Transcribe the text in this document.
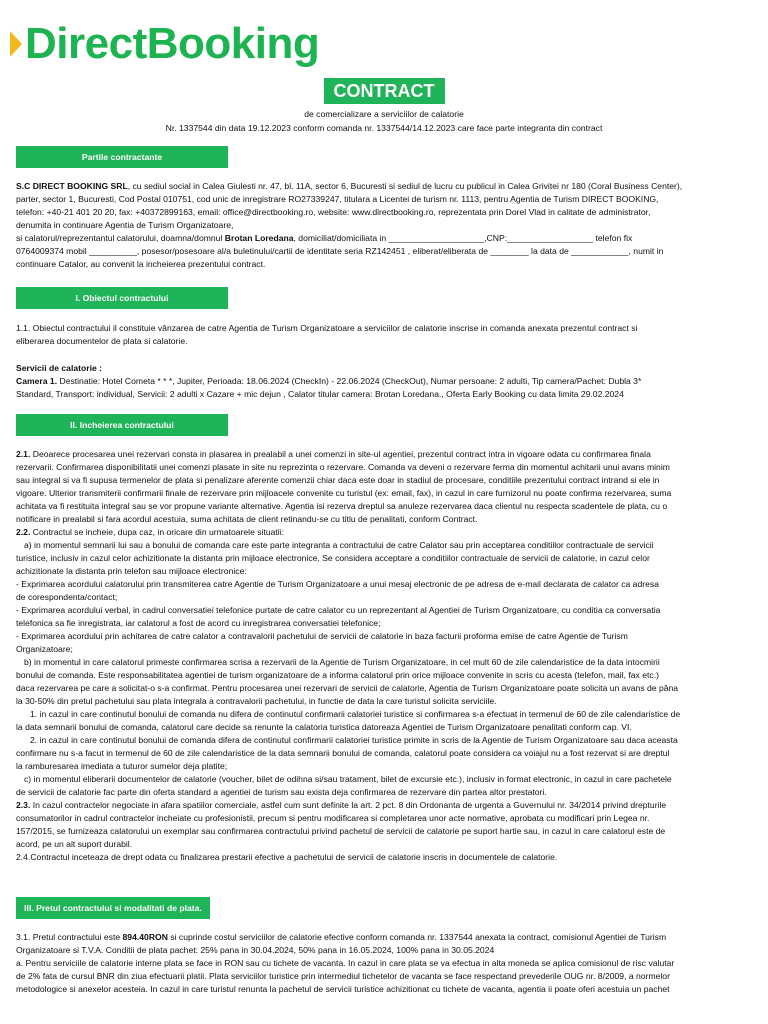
DirectBooking
CONTRACT
de comercializare a serviciilor de calatorie
Nr. 1337544 din data 19.12.2023 conform comanda nr. 1337544/14.12.2023 care face parte integranta din contract
Partile contractante

S.C DIRECT BOOKING SRL, cu sediul social in Calea Giulesti nr. 47, bl. 11A, sector 6, Bucuresti si sediul de lucru cu publicul in Calea Grivitei nr 180 (Coral Business Center),

parter, sector 1, Bucuresti, Cod Postal 010751, cod unic de inregistrare RO27339247, titulara a Licentei de turism nr. 1113, pentru Agentia de Turism DIRECT BOOKING,

telefon: +40-21 401 20 20, fax: +40372899163, email: office@directbooking.ro, website: www.directbooking.ro, reprezentata prin Dorel Vlad in calitate de administrator,

denumita in continuare Agentia de Turism Organizatoare,

si calatorul/reprezentantul calatorului, doamna/domnul Brotan Loredana, domiciliat/domiciliata in ____________________,CNP:__________________ telefon fix

0764009374 mobil __________, posesor/posesoare al/a buletinului/cartii de identitate seria RZ142451 , eliberat/eliberata de ________ la data de ____________, numit in

continuare Catalor, au convenit la incheierea prezentului contract.

I. Obiectul contractului

1.1. Obiectul contractului il constituie vânzarea de catre Agentia de Turism Organizatoare a serviciilor de calatorie inscrise in comanda anexata prezentul contract si

eliberarea documentelor de plata si calatorie.

Servicii de calatorie :

Camera 1. Destinatie: Hotel Cometa * * *, Jupiter, Perioada: 18.06.2024 (CheckIn) - 22.06.2024 (CheckOut), Numar persoane: 2 adulti, Tip camera/Pachet: Dubla 3*

Standard, Transport: individual, Servicii: 2 adulti x Cazare + mic dejun , Calator titular camera: Brotan Loredana., Oferta Early Booking cu data limita 29.02.2024

II. Incheierea contractului

2.1. Deoarece procesarea unei rezervari consta in plasarea in prealabil a unei comenzi in site-ul agentiei, prezentul contract intra in vigoare odata cu confirmarea finala

rezervarii. Confirmarea disponibilitatii unei comenzi plasate in site nu reprezinta o rezervare. Comanda va deveni o rezervare ferma din momentul achitarii unui avans minim

sau integral si va fi supusa termenelor de plata si penalizare aferente comenzii chiar daca este doar in stadiul de procesare, conditiile prezentului contract intrand si ele in

vigoare. Ulterior transmiterii confirmarii finale de rezervare prin mijloacele convenite cu turistul (ex: email, fax), in cazul in care furnizorul nu poate confirma rezervarea, suma

achitata va fi restituita integral sau se vor propune variante alternative. Agentia isi rezerva dreptul sa anuleze rezervarea daca clientul nu respecta scadentele de plata, cu o

notificare in prealabil si fara acordul acestuia, suma achitata de client retinandu-se cu titlu de penalitati, conform Contract.

2.2. Contractul se incheie, dupa caz, in oricare din urmatoarele situatii:

a) in momentul semnarii lui sau a bonului de comanda care este parte integranta a contractului de catre Calator sau prin acceptarea conditiilor contractuale de servicii

turistice, inclusiv in cazul celor achizitionate la distanta prin mijloace electronice. Se considera acceptare a conditiilor contractuale de servicii de calatorie, in cazul celor

achizitionate la distanta prin telefon sau mijloace electronice:

- Exprimarea acordului calatorului prin transmiterea catre Agentie de Turism Organizatoare a unui mesaj electronic de pe adresa de e-mail declarata de calator ca adresa

de corespondenta/contact;

- Exprimarea acordului verbal, in cadrul conversatiei telefonice purtate de catre calator cu un reprezentant al Agentiei de Turism Organizatoare, cu conditia ca conversatia

telefonica sa fie inregistrata, iar calatorul a fost de acord cu inregistrarea conversatiei telefonice;

- Exprimarea acordului prin achitarea de catre calator a contravalorii pachetului de servicii de calatorie in baza facturii proforma emise de catre Agentie de Turism

Organizatoare;

b) in momentul in care calatorul primeste confirmarea scrisa a rezervarii de la Agentie de Turism Organizatoare, in cel mult 60 de zile calendaristice de la data intocmirii

bonului de comanda. Este responsabilitatea agentiei de turism organizatoare de a informa calatorul prin orice mijloace convenite in scris cu acesta (telefon, mail, fax etc.)

daca rezervarea pe care a solicitat-o s-a confirmat. Pentru procesarea unei rezervari de servicii de calatorie, Agentia de Turism Organizatoare poate solicita un avans de pâna

la 30-50% din pretul pachetului sau plata integrala a contravalorii pachetului, in functie de data la care turistul solicita serviciile.

1. in cazul in care continutul bonului de comanda nu difera de continutul confirmarii calatoriei turistice si confirmarea s-a efectuat in termenul de 60 de zile calendaristice de

la data semnarii bonului de comanda, calatorul care decide sa renunte la calatoria turistica datoreaza Agentiei de Turism Organizatoare penalitati conform cap. VI.

2. in cazul in care continutul bonului de comanda difera de continutul confirmarii calatoriei turistice primite in scris de la Agentie de Turism Organizatoare sau daca aceasta

confirmare nu s-a facut in termenul de 60 de zile calendaristice de la data semnarii bonului de comanda, calatorul poate considera ca voiajul nu a fost rezervat si are dreptul

la ramburesarea imediata a tuturor sumelor deja platite;

c) in momentul eliberarii documentelor de calatorie (voucher, bilet de odihna si/sau tratament, bilet de excursie etc.), inclusiv in format electronic, in cazul in care pachetele

de servicii de calatorie fac parte din oferta standard a agentiei de turism sau exista deja confirmarea de rezervare din partea altor prestatori.

2.3. In cazul contractelor negociate in afara spatiilor comerciale, astfel cum sunt definite la art. 2 pct. 8 din Ordonanta de urgenta a Guvernului nr. 34/2014 privind drepturile

consumatorilor in cadrul contractelor incheiate cu profesionistii, precum si pentru modificarea si completarea unor acte normative, aprobata cu modificari prin Legea nr.

157/2015, se furnizeaza calatorului un exemplar sau confirmarea contractului privind pachetul de servicii de calatorie pe suport hartie sau, in cazul in care calatorul este de

acord, pe un alt suport durabil.

2.4.Contractul inceteaza de drept odata cu finalizarea prestarii efective a pachetului de servicii de calatorie inscris in documentele de calatorie.

III. Pretul contractului si modalitati de plata.

3.1. Pretul contractului este 894.40RON si cuprinde costul serviciilor de calatorie efective conform comanda nr. 1337544 anexata la contract, comisionul Agentiei de Turism

Organizatoare si T.V.A. Conditii de plata pachet: 25% pana in 30.04.2024, 50% pana in 16.05.2024, 100% pana in 30.05.2024

a. Pentru serviciile de calatorie interne plata se face in RON sau cu tichete de vacanta. In cazul in care plata se va efectua in alta moneda se aplica comisionul de risc valutar

de 2% fata de cursul BNR din ziua efectuarii platii. Plata serviciilor turistice prin intermediul tichetelor de vacanta se face respectand prevederile OUG nr. 8/2009, a normelor

metodologice si anexelor acesteia. In cazul in care turistul renunta la pachetul de servicii turistice achizitionat cu tichete de vacanta, agentia ii poate oferi acestuia un pachet
